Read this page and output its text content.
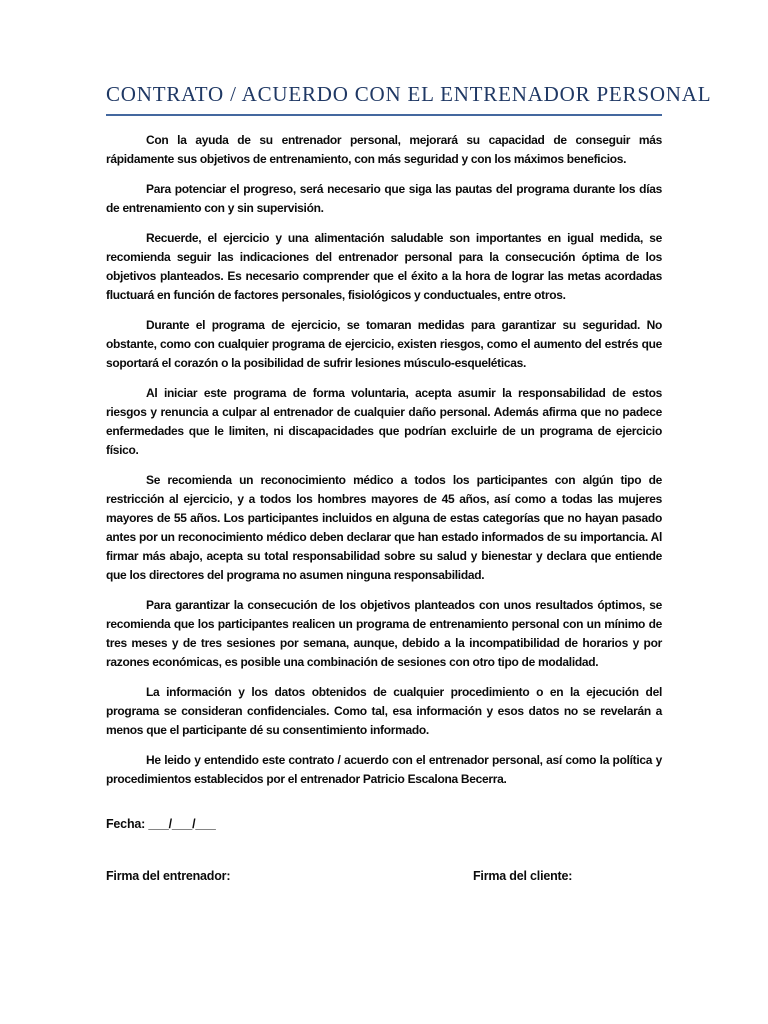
CONTRATO / ACUERDO CON EL ENTRENADOR PERSONAL

Con la ayuda de su entrenador personal, mejorará su capacidad de conseguir más rápidamente sus objetivos de entrenamiento, con más seguridad y con los máximos beneficios.

Para potenciar el progreso, será necesario que siga las pautas del programa durante los días de entrenamiento con y sin supervisión.

Recuerde, el ejercicio y una alimentación saludable son importantes en igual medida, se recomienda seguir las indicaciones del entrenador personal para la consecución óptima de los objetivos planteados. Es necesario comprender que el éxito a la hora de lograr las metas acordadas fluctuará en función de factores personales, fisiológicos y conductuales, entre otros.

Durante el programa de ejercicio, se tomaran medidas para garantizar su seguridad. No obstante, como con cualquier programa de ejercicio, existen riesgos, como el aumento del estrés que soportará el corazón o la posibilidad de sufrir lesiones músculo-esqueléticas.

Al iniciar este programa de forma voluntaria, acepta asumir la responsabilidad de estos riesgos y renuncia a culpar al entrenador de cualquier daño personal. Además afirma que no padece enfermedades que le limiten, ni discapacidades que podrían excluirle de un programa de ejercicio físico.

Se recomienda un reconocimiento médico a todos los participantes con algún tipo de restricción al ejercicio, y a todos los hombres mayores de 45 años, así como a todas las mujeres mayores de 55 años. Los participantes incluidos en alguna de estas categorías que no hayan pasado antes por un reconocimiento médico deben declarar que han estado informados de su importancia. Al firmar más abajo, acepta su total responsabilidad sobre su salud y bienestar y declara que entiende que los directores del programa no asumen ninguna responsabilidad.

Para garantizar la consecución de los objetivos planteados con unos resultados óptimos, se recomienda que los participantes realicen un programa de entrenamiento personal con un mínimo de tres meses y de tres sesiones por semana, aunque, debido a la incompatibilidad de horarios y por razones económicas, es posible una combinación de sesiones con otro tipo de modalidad.

La información y los datos obtenidos de cualquier procedimiento o en la ejecución del programa se consideran confidenciales. Como tal, esa información y esos datos no se revelarán a menos que el participante dé su consentimiento informado.

He leido y entendido este contrato / acuerdo con el entrenador personal, así como la política y procedimientos establecidos por el entrenador Patricio Escalona Becerra.

Fecha: ___/___/___

Firma del entrenador:	Firma del cliente:
